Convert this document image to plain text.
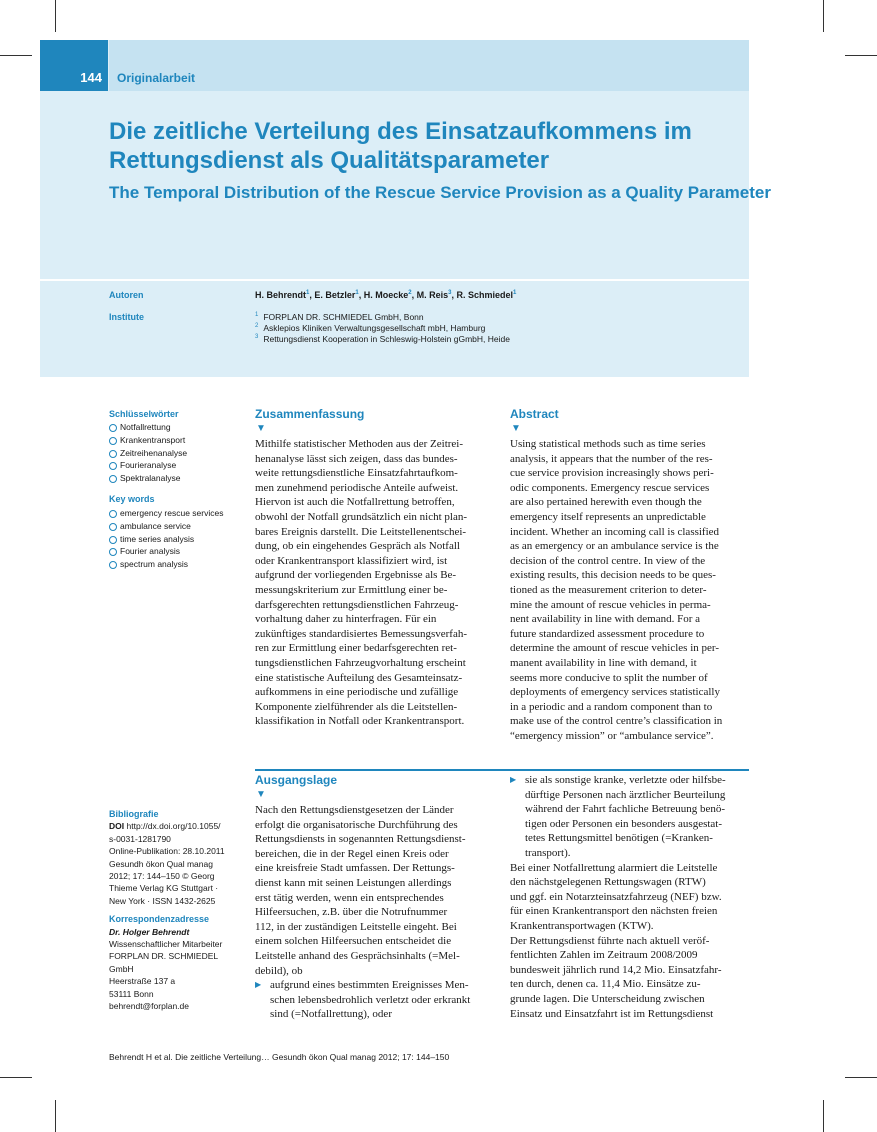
144 Originalarbeit
Die zeitliche Verteilung des Einsatzaufkommens im
Rettungsdienst als Qualitätsparameter
The Temporal Distribution of the Rescue Service Provision as a Quality Parameter
Autoren
Institute
H. Behrendt$^1$, E. Betzler$^1$, H. Moecke$^2$, M. Reis$^3$, R. Schmiedel$^1$
$^1$ FORPLAN DR. SCHMIEDEL GmbH, Bonn
$^2$ Asklepios Kliniken Verwaltungsgesellschaft mbH, Hamburg
$^3$ Rettungsdienst Kooperation in Schleswig-Holstein gGmbH, Heide
Schlüsselwörter
Notfallrettung
Krankentransport
Zeitreihenanalyse
Fourieranalyse
Spektralanalyse
Key words
emergency rescue services
ambulance service
time series analysis
Fourier analysis
spectrum analysis
Zusammenfassung
▼
Mithilfe statistischer Methoden aus der Zeitrei-
henanalyse lässt sich zeigen, dass das bundes-
weite rettungsdienstliche Einsatzfahrtaufkom-
men zunehmend periodische Anteile aufweist.
Hiervon ist auch die Notfallrettung betroffen,
obwohl der Notfall grundsätzlich ein nicht plan-
bares Ereignis darstellt. Die Leitstellenentschei-
dung, ob ein eingehendes Gespräch als Notfall
oder Krankentransport klassifiziert wird, ist
aufgrund der vorliegenden Ergebnisse als Be-
messungskriterium zur Ermittlung einer be-
darfsgerechten rettungsdienstlichen Fahrzeug-
vorhaltung daher zu hinterfragen. Für ein
zukünftiges standardisiertes Bemessungsverfah-
ren zur Ermittlung einer bedarfsgerechten ret-
tungsdienstlichen Fahrzeugvorhaltung erscheint
eine statistische Aufteilung des Gesamteinsatz-
aufkommens in eine periodische und zufällige
Komponente zielführender als die Leitstellen-
klassifikation in Notfall oder Krankentransport.
Abstract
▼
Using statistical methods such as time series
analysis, it appears that the number of the res-
cue service provision increasingly shows peri-
odic components. Emergency rescue services
are also pertained herewith even though the
emergency itself represents an unpredictable
incident. Whether an incoming call is classified
as an emergency or an ambulance service is the
decision of the control centre. In view of the
existing results, this decision needs to be ques-
tioned as the measurement criterion to deter-
mine the amount of rescue vehicles in perma-
nent availability in line with demand. For a
future standardized assessment procedure to
determine the amount of rescue vehicles in per-
manent availability in line with demand, it
seems more conducive to split the number of
deployments of emergency services statistically
in a periodic and a random component than to
make use of the control centre’s classification in
“emergency mission” or “ambulance service”.
Ausgangslage
▼
Nach den Rettungsdienstgesetzen der Länder
erfolgt die organisatorische Durchführung des
Rettungsdiensts in sogenannten Rettungsdienst-
bereichen, die in der Regel einen Kreis oder
eine kreisfreie Stadt umfassen. Der Rettungs-
dienst kann mit seinen Leistungen allerdings
erst tätig werden, wenn ein entsprechendes
Hilfeersuchen, z.B. über die Notrufnummer
112, in der zuständigen Leitstelle eingeht. Bei
einem solchen Hilfeersuchen entscheidet die
Leitstelle anhand des Gesprächsinhalts (=Mel-
debild), ob
▶ aufgrund eines bestimmten Ereignisses Men-
schen lebensbedrohlich verletzt oder erkrankt
sind (=Notfallrettung), oder
▶ sie als sonstige kranke, verletzte oder hilfsbe-
dürftige Personen nach ärztlicher Beurteilung
während der Fahrt fachliche Betreuung benö-
tigen oder Personen ein besonders ausgestat-
tetes Rettungsmittel benötigen (=Kranken-
transport).
Bei einer Notfallrettung alarmiert die Leitstelle
den nächstgelegenen Rettungswagen (RTW)
und ggf. ein Notarzteinsatzfahrzeug (NEF) bzw.
für einen Krankentransport den nächsten freien
Krankentransportwagen (KTW).
Der Rettungsdienst führte nach aktuell veröf-
fentlichten Zahlen im Zeitraum 2008/2009
bundesweit jährlich rund 14,2 Mio. Einsatzfahr-
ten durch, denen ca. 11,4 Mio. Einsätze zu-
grunde lagen. Die Unterscheidung zwischen
Einsatz und Einsatzfahrt ist im Rettungsdienst
Bibliografie
DOI http://dx.doi.org/10.1055/
s-0031-1281790
Online-Publikation: 28.10.2011
Gesundh ökon Qual manag
2012; 17: 144–150 © Georg
Thieme Verlag KG Stuttgart ·
New York · ISSN 1432-2625
Korrespondenzadresse
Dr. Holger Behrendt
Wissenschaftlicher Mitarbeiter
FORPLAN DR. SCHMIEDEL
GmbH
Heerstraße 137 a
53111 Bonn
behrendt@forplan.de
Behrendt H et al. Die zeitliche Verteilung… Gesundh ökon Qual manag 2012; 17: 144–150
